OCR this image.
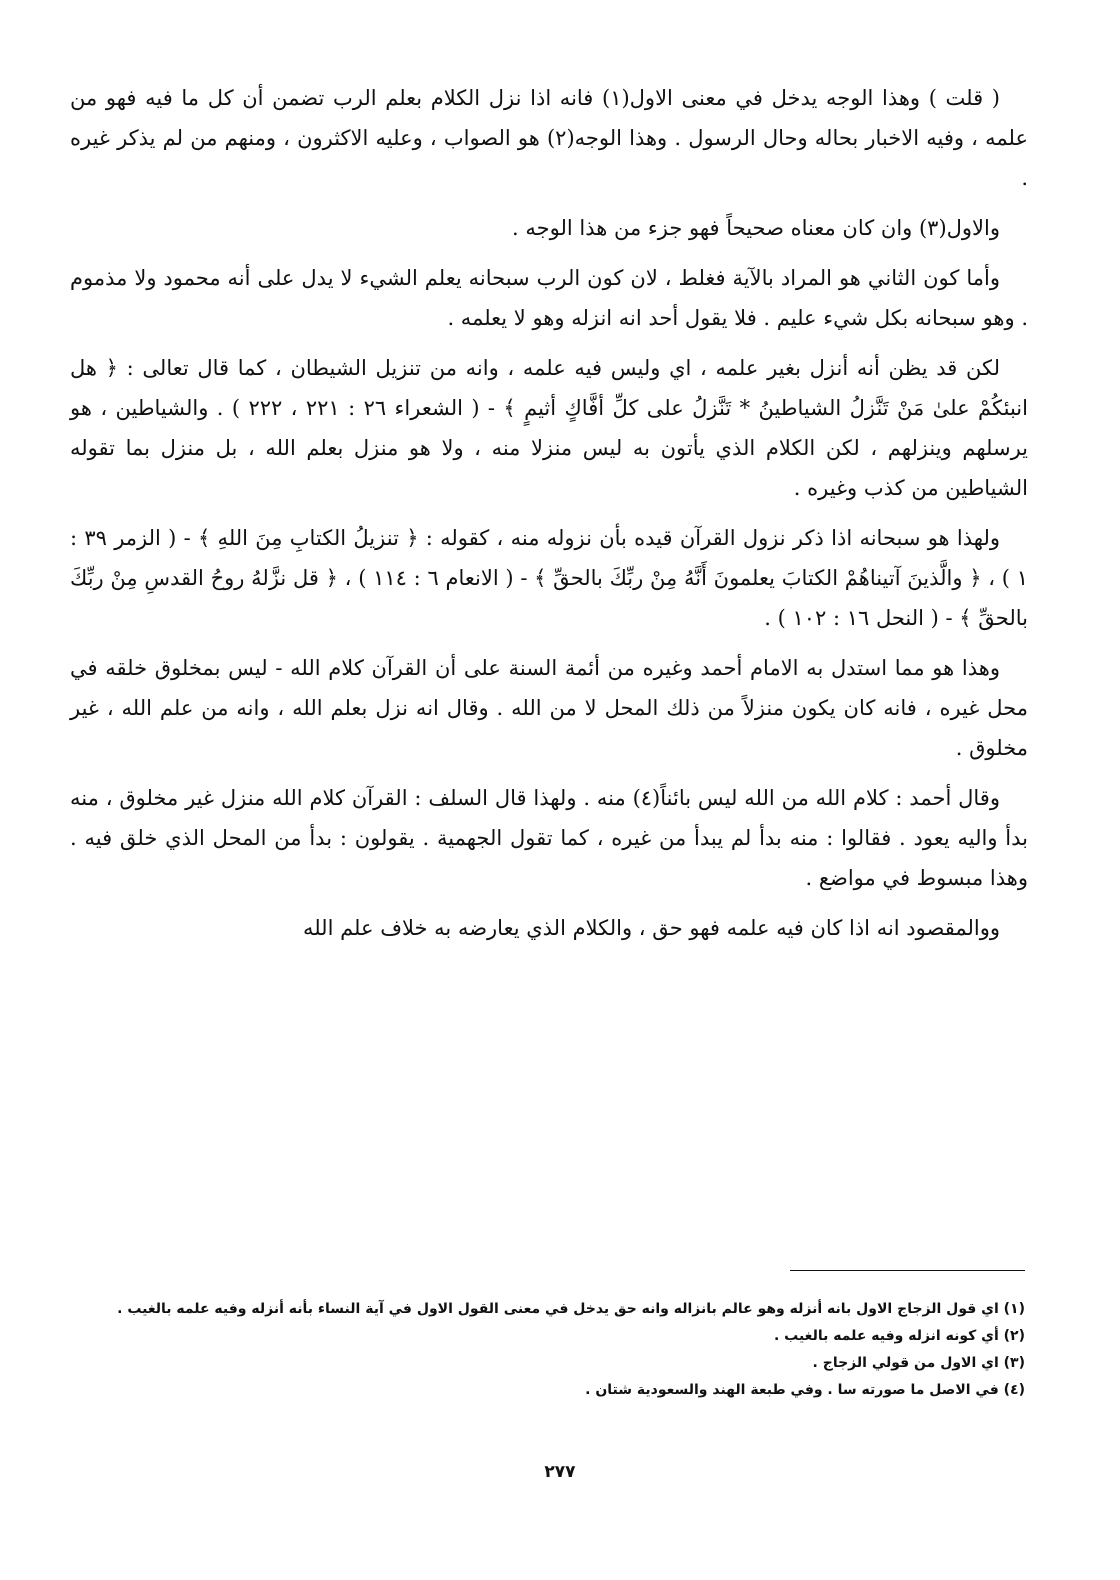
( قلت ) وهذا الوجه يدخل في معنى الاول(١) فانه اذا نزل الكلام بعلم الرب تضمن أن كل ما فيه فهو من علمه ، وفيه الاخبار بحاله وحال الرسول . وهذا الوجه(٢) هو الصواب ، وعليه الاكثرون ، ومنهم من لم يذكر غيره .

والاول(٣) وان كان معناه صحيحاً فهو جزء من هذا الوجه .

وأما كون الثاني هو المراد بالآية فغلط ، لان كون الرب سبحانه يعلم الشيء لا يدل على أنه محمود ولا مذموم . وهو سبحانه بكل شيء عليم . فلا يقول أحد انه انزله وهو لا يعلمه .

لكن قد يظن أنه أنزل بغير علمه ، اي وليس فيه علمه ، وانه من تنزيل الشيطان ، كما قال تعالى : ﴿ هل انبئكُمْ علىٰ مَنْ تَنَّزلُ الشياطينُ * تَنَّزلُ على كلِّ أفَّاكٍ أثيمٍ ﴾ - ( الشعراء ٢٦ : ٢٢١ ، ٢٢٢ ) . والشياطين ، هو يرسلهم وينزلهم ، لكن الكلام الذي يأتون به ليس منزلا منه ، ولا هو منزل بعلم الله ، بل منزل بما تقوله الشياطين من كذب وغيره .

ولهذا هو سبحانه اذا ذكر نزول القرآن قيده بأن نزوله منه ، كقوله : ﴿ تنزيلُ الكتابِ مِنَ اللهِ ﴾ - ( الزمر ٣٩ : ١ ) ، ﴿ والَّذينَ آتيناهُمْ الكتابَ يعلمونَ أَنَّهُ مِنْ ربِّكَ بالحقِّ ﴾ - ( الانعام ٦ : ١١٤ ) ، ﴿ قل نزَّلهُ روحُ القدسِ مِنْ ربِّكَ بالحقِّ ﴾ - ( النحل ١٦ : ١٠٢ ) .

وهذا هو مما استدل به الامام أحمد وغيره من أئمة السنة على أن القرآن كلام الله - ليس بمخلوق خلقه في محل غيره ، فانه كان يكون منزلاً من ذلك المحل لا من الله . وقال انه نزل بعلم الله ، وانه من علم الله ، غير مخلوق .

وقال أحمد : كلام الله من الله ليس بائناً(٤) منه . ولهذا قال السلف : القرآن كلام الله منزل غير مخلوق ، منه بدأ واليه يعود . فقالوا : منه بدأ لم يبدأ من غيره ، كما تقول الجهمية . يقولون : بدأ من المحل الذي خلق فيه . وهذا مبسوط في مواضع .

ووالمقصود انه اذا كان فيه علمه فهو حق ، والكلام الذي يعارضه به خلاف علم الله

(١) اي قول الزجاج الاول بانه أنزله وهو عالم بانزاله وانه حق يدخل في معنى القول الاول في آية النساء بأنه أنزله وفيه علمه بالغيب .

(٢) أي كونه انزله وفيه علمه بالغيب .

(٣) اي الاول من قولي الزجاج .

(٤) في الاصل ما صورته سا . وفي طبعة الهند والسعودية شتان .

٢٧٧
